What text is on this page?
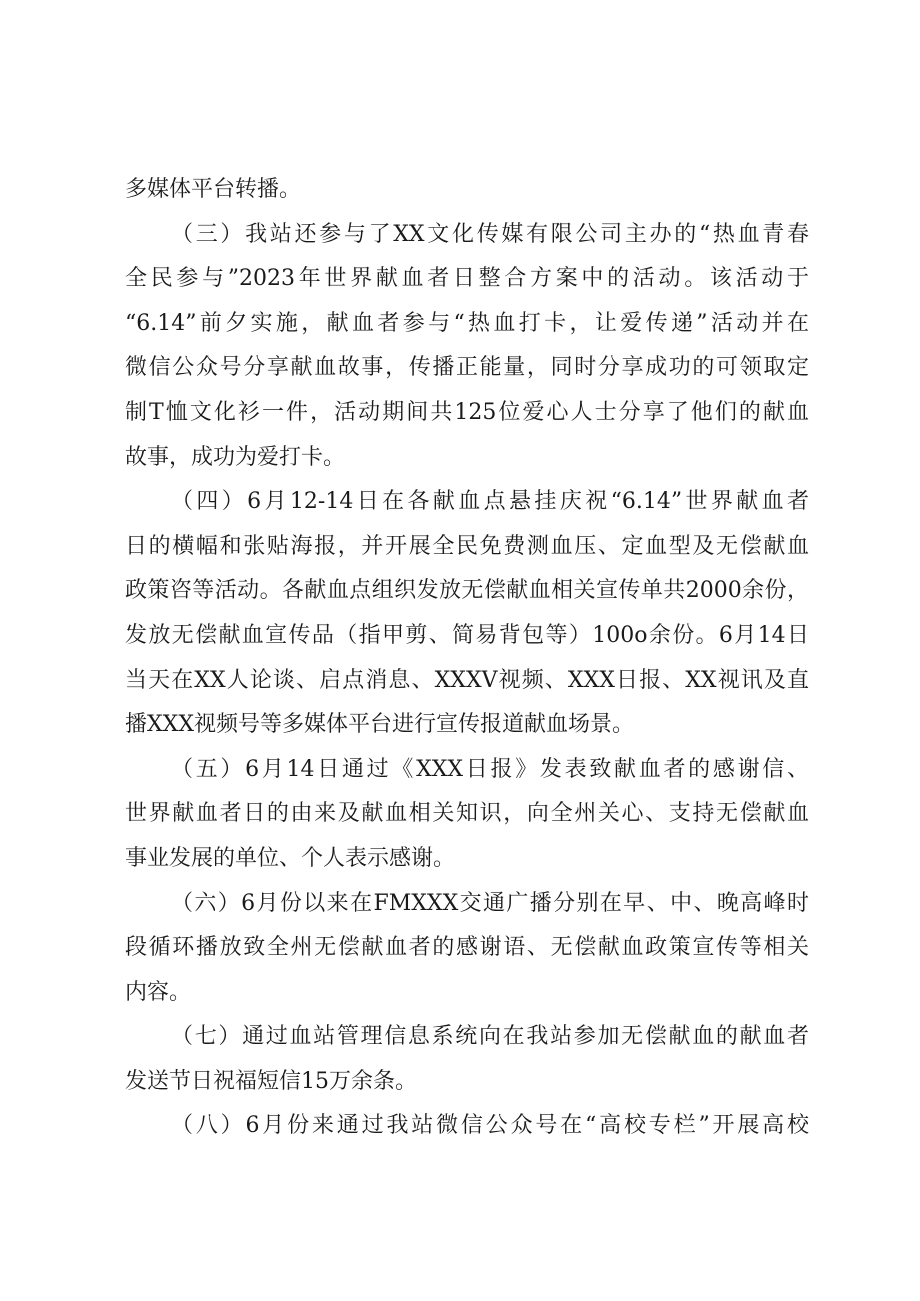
多媒体平台转播。
（三）我站还参与了XX文化传媒有限公司主办的“热血青春
全民参与”2023年世界献血者日整合方案中的活动。该活动于
“6.14”前夕实施，献血者参与“热血打卡，让爱传递”活动并在
微信公众号分享献血故事，传播正能量，同时分享成功的可领取定
制T恤文化衫一件，活动期间共125位爱心人士分享了他们的献血
故事，成功为爱打卡。
（四）6月12-14日在各献血点悬挂庆祝“6.14”世界献血者
日的横幅和张贴海报，并开展全民免费测血压、定血型及无偿献血
政策咨等活动。各献血点组织发放无偿献血相关宣传单共2000余份，
发放无偿献血宣传品（指甲剪、简易背包等）100o余份。6月14日
当天在XX人论谈、启点消息、XXXV视频、XXX日报、XX视讯及直
播XXX视频号等多媒体平台进行宣传报道献血场景。
（五）6月14日通过《XXX日报》发表致献血者的感谢信、
世界献血者日的由来及献血相关知识，向全州关心、支持无偿献血
事业发展的单位、个人表示感谢。
（六）6月份以来在FMXXX交通广播分别在早、中、晚高峰时
段循环播放致全州无偿献血者的感谢语、无偿献血政策宣传等相关
内容。
（七）通过血站管理信息系统向在我站参加无偿献血的献血者
发送节日祝福短信15万余条。
（八）6月份来通过我站微信公众号在“高校专栏”开展高校
